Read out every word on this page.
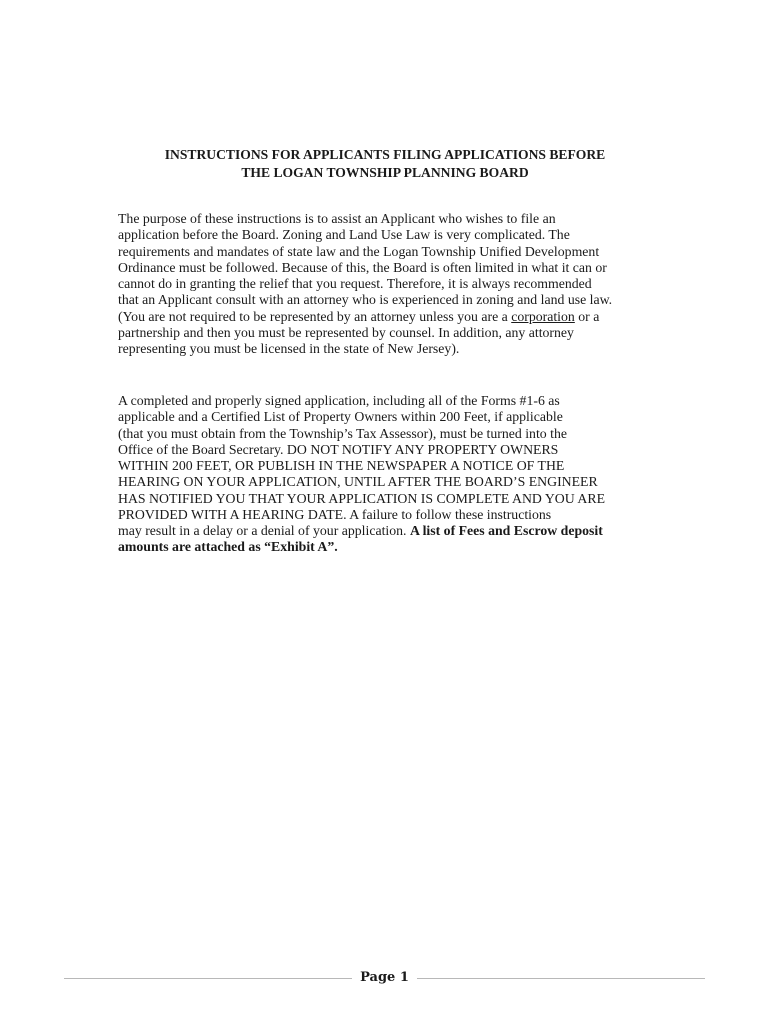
INSTRUCTIONS FOR APPLICANTS FILING APPLICATIONS BEFORE
THE LOGAN TOWNSHIP PLANNING BOARD
The purpose of these instructions is to assist an Applicant who wishes to file an
application before the Board. Zoning and Land Use Law is very complicated. The
requirements and mandates of state law and the Logan Township Unified Development
Ordinance must be followed. Because of this, the Board is often limited in what it can or
cannot do in granting the relief that you request. Therefore, it is always recommended
that an Applicant consult with an attorney who is experienced in zoning and land use law.
(You are not required to be represented by an attorney unless you are a corporation or a
partnership and then you must be represented by counsel. In addition, any attorney
representing you must be licensed in the state of New Jersey).
A completed and properly signed application, including all of the Forms #1-6 as
applicable and a Certified List of Property Owners within 200 Feet, if applicable
(that you must obtain from the Township’s Tax Assessor), must be turned into the
Office of the Board Secretary. DO NOT NOTIFY ANY PROPERTY OWNERS
WITHIN 200 FEET, OR PUBLISH IN THE NEWSPAPER A NOTICE OF THE
HEARING ON YOUR APPLICATION, UNTIL AFTER THE BOARD’S ENGINEER
HAS NOTIFIED YOU THAT YOUR APPLICATION IS COMPLETE AND YOU ARE
PROVIDED WITH A HEARING DATE. A failure to follow these instructions
may result in a delay or a denial of your application. A list of Fees and Escrow deposit
amounts are attached as “Exhibit A”.
Page 1
